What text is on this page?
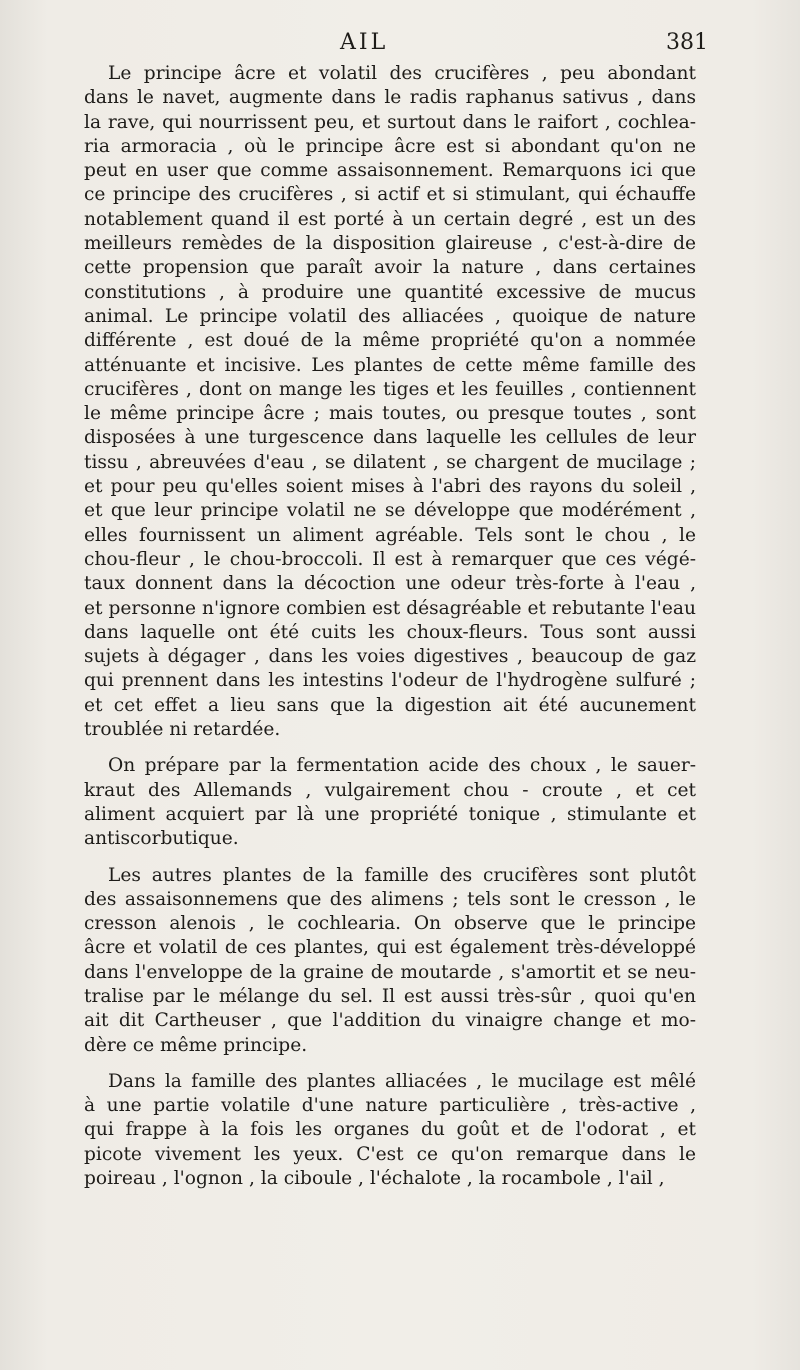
AIL	381
Le principe âcre et volatil des crucifères , peu abondant
dans le navet, augmente dans le radis raphanus sativus , dans
la rave, qui nourrissent peu, et surtout dans le raifort , cochlea-
ria armoracia , où le principe âcre est si abondant qu'on ne
peut en user que comme assaisonnement. Remarquons ici que
ce principe des crucifères , si actif et si stimulant, qui échauffe
notablement quand il est porté à un certain degré , est un des
meilleurs remèdes de la disposition glaireuse , c'est-à-dire de
cette propension que paraît avoir la nature , dans certaines
constitutions , à produire une quantité excessive de mucus
animal. Le principe volatil des alliacées , quoique de nature
différente , est doué de la même propriété qu'on a nommée
atténuante et incisive. Les plantes de cette même famille des
crucifères , dont on mange les tiges et les feuilles , contiennent
le même principe âcre ; mais toutes, ou presque toutes , sont
disposées à une turgescence dans laquelle les cellules de leur
tissu , abreuvées d'eau , se dilatent , se chargent de mucilage ;
et pour peu qu'elles soient mises à l'abri des rayons du soleil ,
et que leur principe volatil ne se développe que modérément ,
elles fournissent un aliment agréable. Tels sont le chou , le
chou-fleur , le chou-broccoli. Il est à remarquer que ces végé-
taux donnent dans la décoction une odeur très-forte à l'eau ,
et personne n'ignore combien est désagréable et rebutante l'eau
dans laquelle ont été cuits les choux-fleurs. Tous sont aussi
sujets à dégager , dans les voies digestives , beaucoup de gaz
qui prennent dans les intestins l'odeur de l'hydrogène sulfuré ;
et cet effet a lieu sans que la digestion ait été aucunement
troublée ni retardée.
On prépare par la fermentation acide des choux , le sauer-
kraut des Allemands , vulgairement chou - croute , et cet
aliment acquiert par là une propriété tonique , stimulante et
antiscorbutique.
Les autres plantes de la famille des crucifères sont plutôt
des assaisonnemens que des alimens ; tels sont le cresson , le
cresson alenois , le cochlearia. On observe que le principe
âcre et volatil de ces plantes, qui est également très-développé
dans l'enveloppe de la graine de moutarde , s'amortit et se neu-
tralise par le mélange du sel. Il est aussi très-sûr , quoi qu'en
ait dit Cartheuser , que l'addition du vinaigre change et mo-
dère ce même principe.
Dans la famille des plantes alliacées , le mucilage est mêlé
à une partie volatile d'une nature particulière , très-active ,
qui frappe à la fois les organes du goût et de l'odorat , et
picote vivement les yeux. C'est ce qu'on remarque dans le
poireau , l'ognon , la ciboule , l'échalote , la rocambole , l'ail ,
